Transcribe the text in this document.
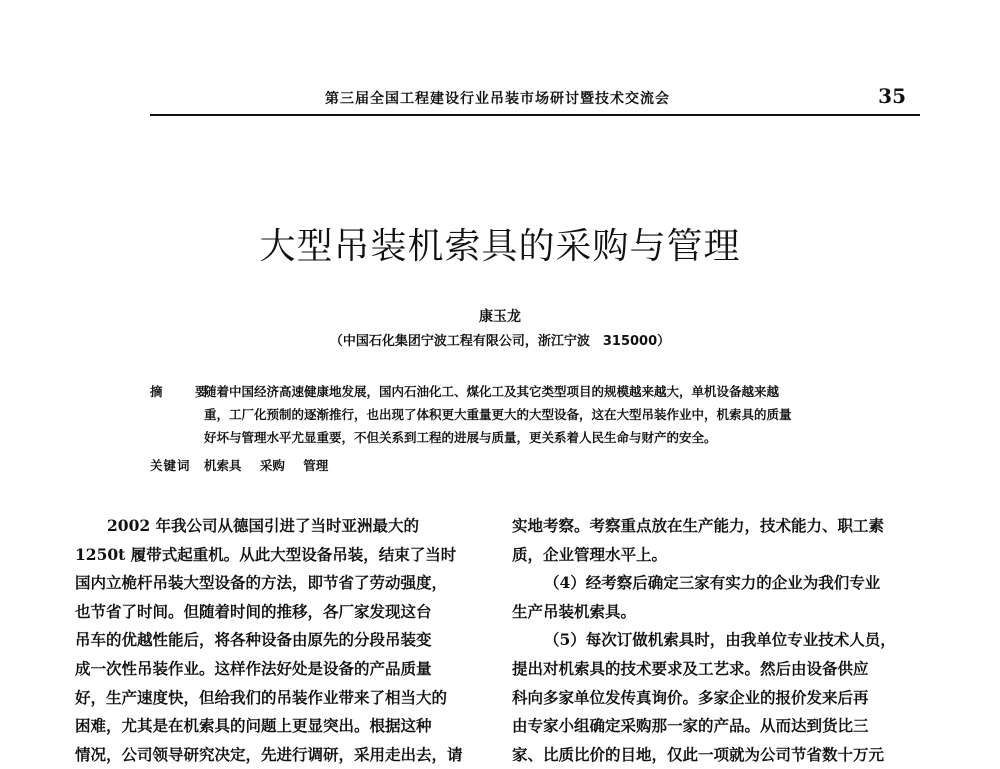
第三届全国工程建设行业吊装市场研讨暨技术交流会	35
大型吊装机索具的采购与管理
康玉龙
（中国石化集团宁波工程有限公司，浙江宁波　315000）
摘　要
随着中国经济高速健康地发展，国内石油化工、煤化工及其它类型项目的规模越来越大，单机设备越来越
重，工厂化预制的逐渐推行，也出现了体积更大重量更大的大型设备，这在大型吊装作业中，机索具的质量
好坏与管理水平尤显重要，不但关系到工程的进展与质量，更关系着人民生命与财产的安全。
关键词 机索具 采购 管理
2002 年我公司从德国引进了当时亚洲最大的
1250t 履带式起重机。从此大型设备吊装，结束了当时
国内立桅杆吊装大型设备的方法，即节省了劳动强度，
也节省了时间。但随着时间的推移，各厂家发现这台
吊车的优越性能后，将各种设备由原先的分段吊装变
成一次性吊装作业。这样作法好处是设备的产品质量
好，生产速度快，但给我们的吊装作业带来了相当大的
困难，尤其是在机索具的问题上更显突出。根据这种
情况，公司领导研究决定，先进行调研，采用走出去，请
实地考察。考察重点放在生产能力，技术能力、职工素
质，企业管理水平上。
（4）经考察后确定三家有实力的企业为我们专业
生产吊装机索具。
（5）每次订做机索具时，由我单位专业技术人员，
提出对机索具的技术要求及工艺求。然后由设备供应
科向多家单位发传真询价。多家企业的报价发来后再
由专家小组确定采购那一家的产品。从而达到货比三
家、比质比价的目地，仅此一项就为公司节省数十万元
